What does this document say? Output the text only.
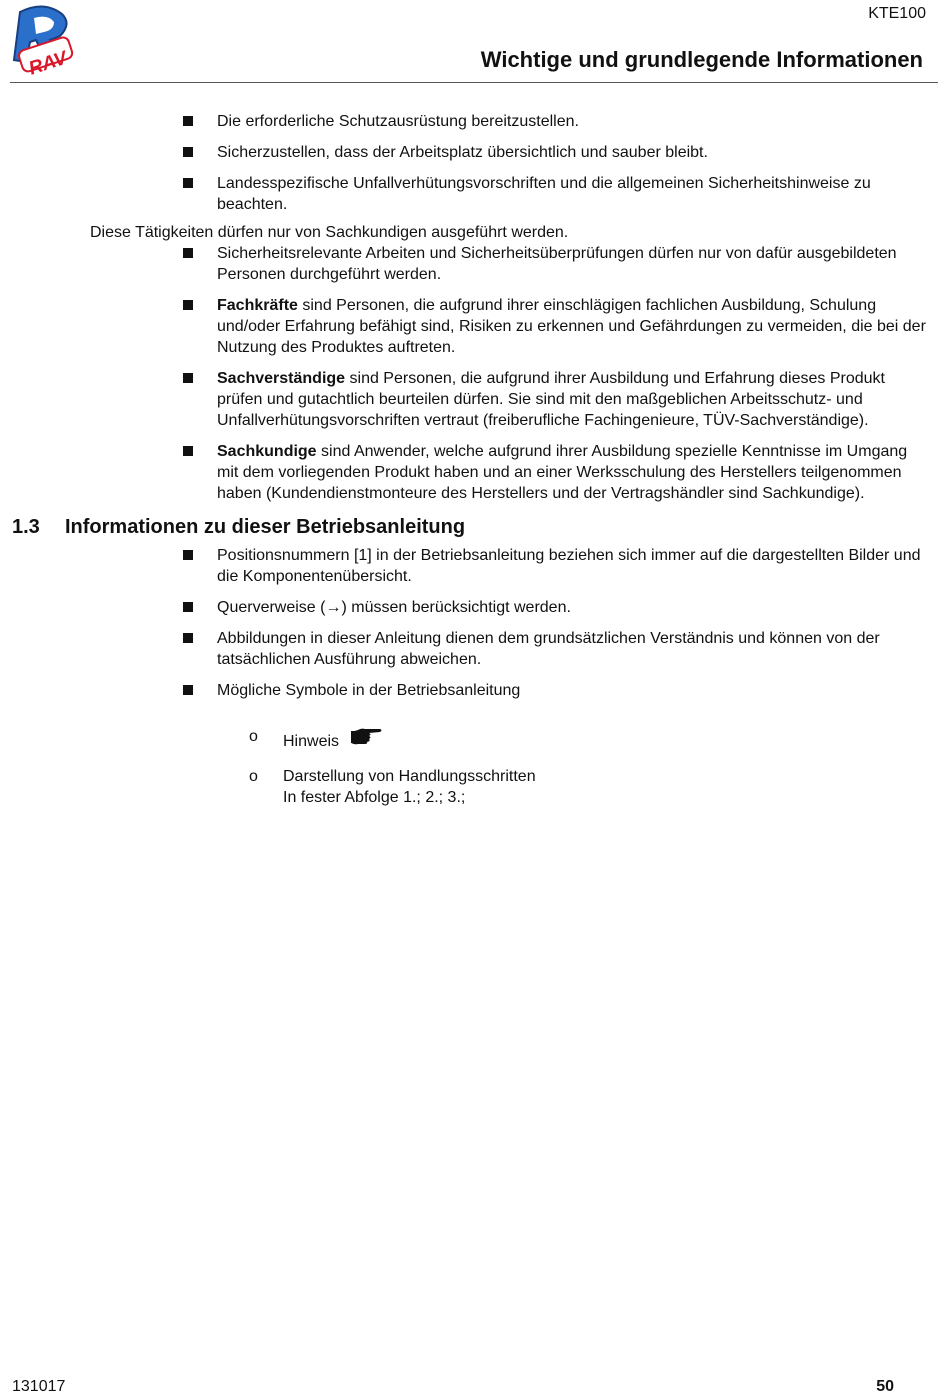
RAV
KTE100
Wichtige und grundlegende Informationen
Die erforderliche Schutzausrüstung bereitzustellen.
Sicherzustellen, dass der Arbeitsplatz übersichtlich und sauber bleibt.
Landesspezifische Unfallverhütungsvorschriften und die allgemeinen Sicherheitshinweise zu beachten.
Diese Tätigkeiten dürfen nur von Sachkundigen ausgeführt werden.
Sicherheitsrelevante Arbeiten und Sicherheitsüberprüfungen dürfen nur von dafür ausgebildeten Personen durchgeführt werden.
Fachkräfte sind Personen, die aufgrund ihrer einschlägigen fachlichen Ausbildung, Schulung und/oder Erfahrung befähigt sind, Risiken zu erkennen und Gefährdungen zu vermeiden, die bei der Nutzung des Produktes auftreten.
Sachverständige sind Personen, die aufgrund ihrer Ausbildung und Erfahrung dieses Produkt prüfen und gutachtlich beurteilen dürfen. Sie sind mit den maßgeblichen Arbeitsschutz- und Unfallverhütungsvorschriften vertraut (freiberufliche Fachingenieure, TÜV-Sachverständige).
Sachkundige sind Anwender, welche aufgrund ihrer Ausbildung spezielle Kenntnisse im Umgang mit dem vorliegenden Produkt haben und an einer Werksschulung des Herstellers teilgenommen haben (Kundendienstmonteure des Herstellers und der Vertragshändler sind Sachkundige).
1.3 Informationen zu dieser Betriebsanleitung
Positionsnummern [1] in der Betriebsanleitung beziehen sich immer auf die dargestellten Bilder und die Komponentenübersicht.
Querverweise (→) müssen berücksichtigt werden.
Abbildungen in dieser Anleitung dienen dem grundsätzlichen Verständnis und können von der tatsächlichen Ausführung abweichen.
Mögliche Symbole in der Betriebsanleitung
o Hinweis
o Darstellung von Handlungsschritten
In fester Abfolge 1.; 2.; 3.;
131017	50
